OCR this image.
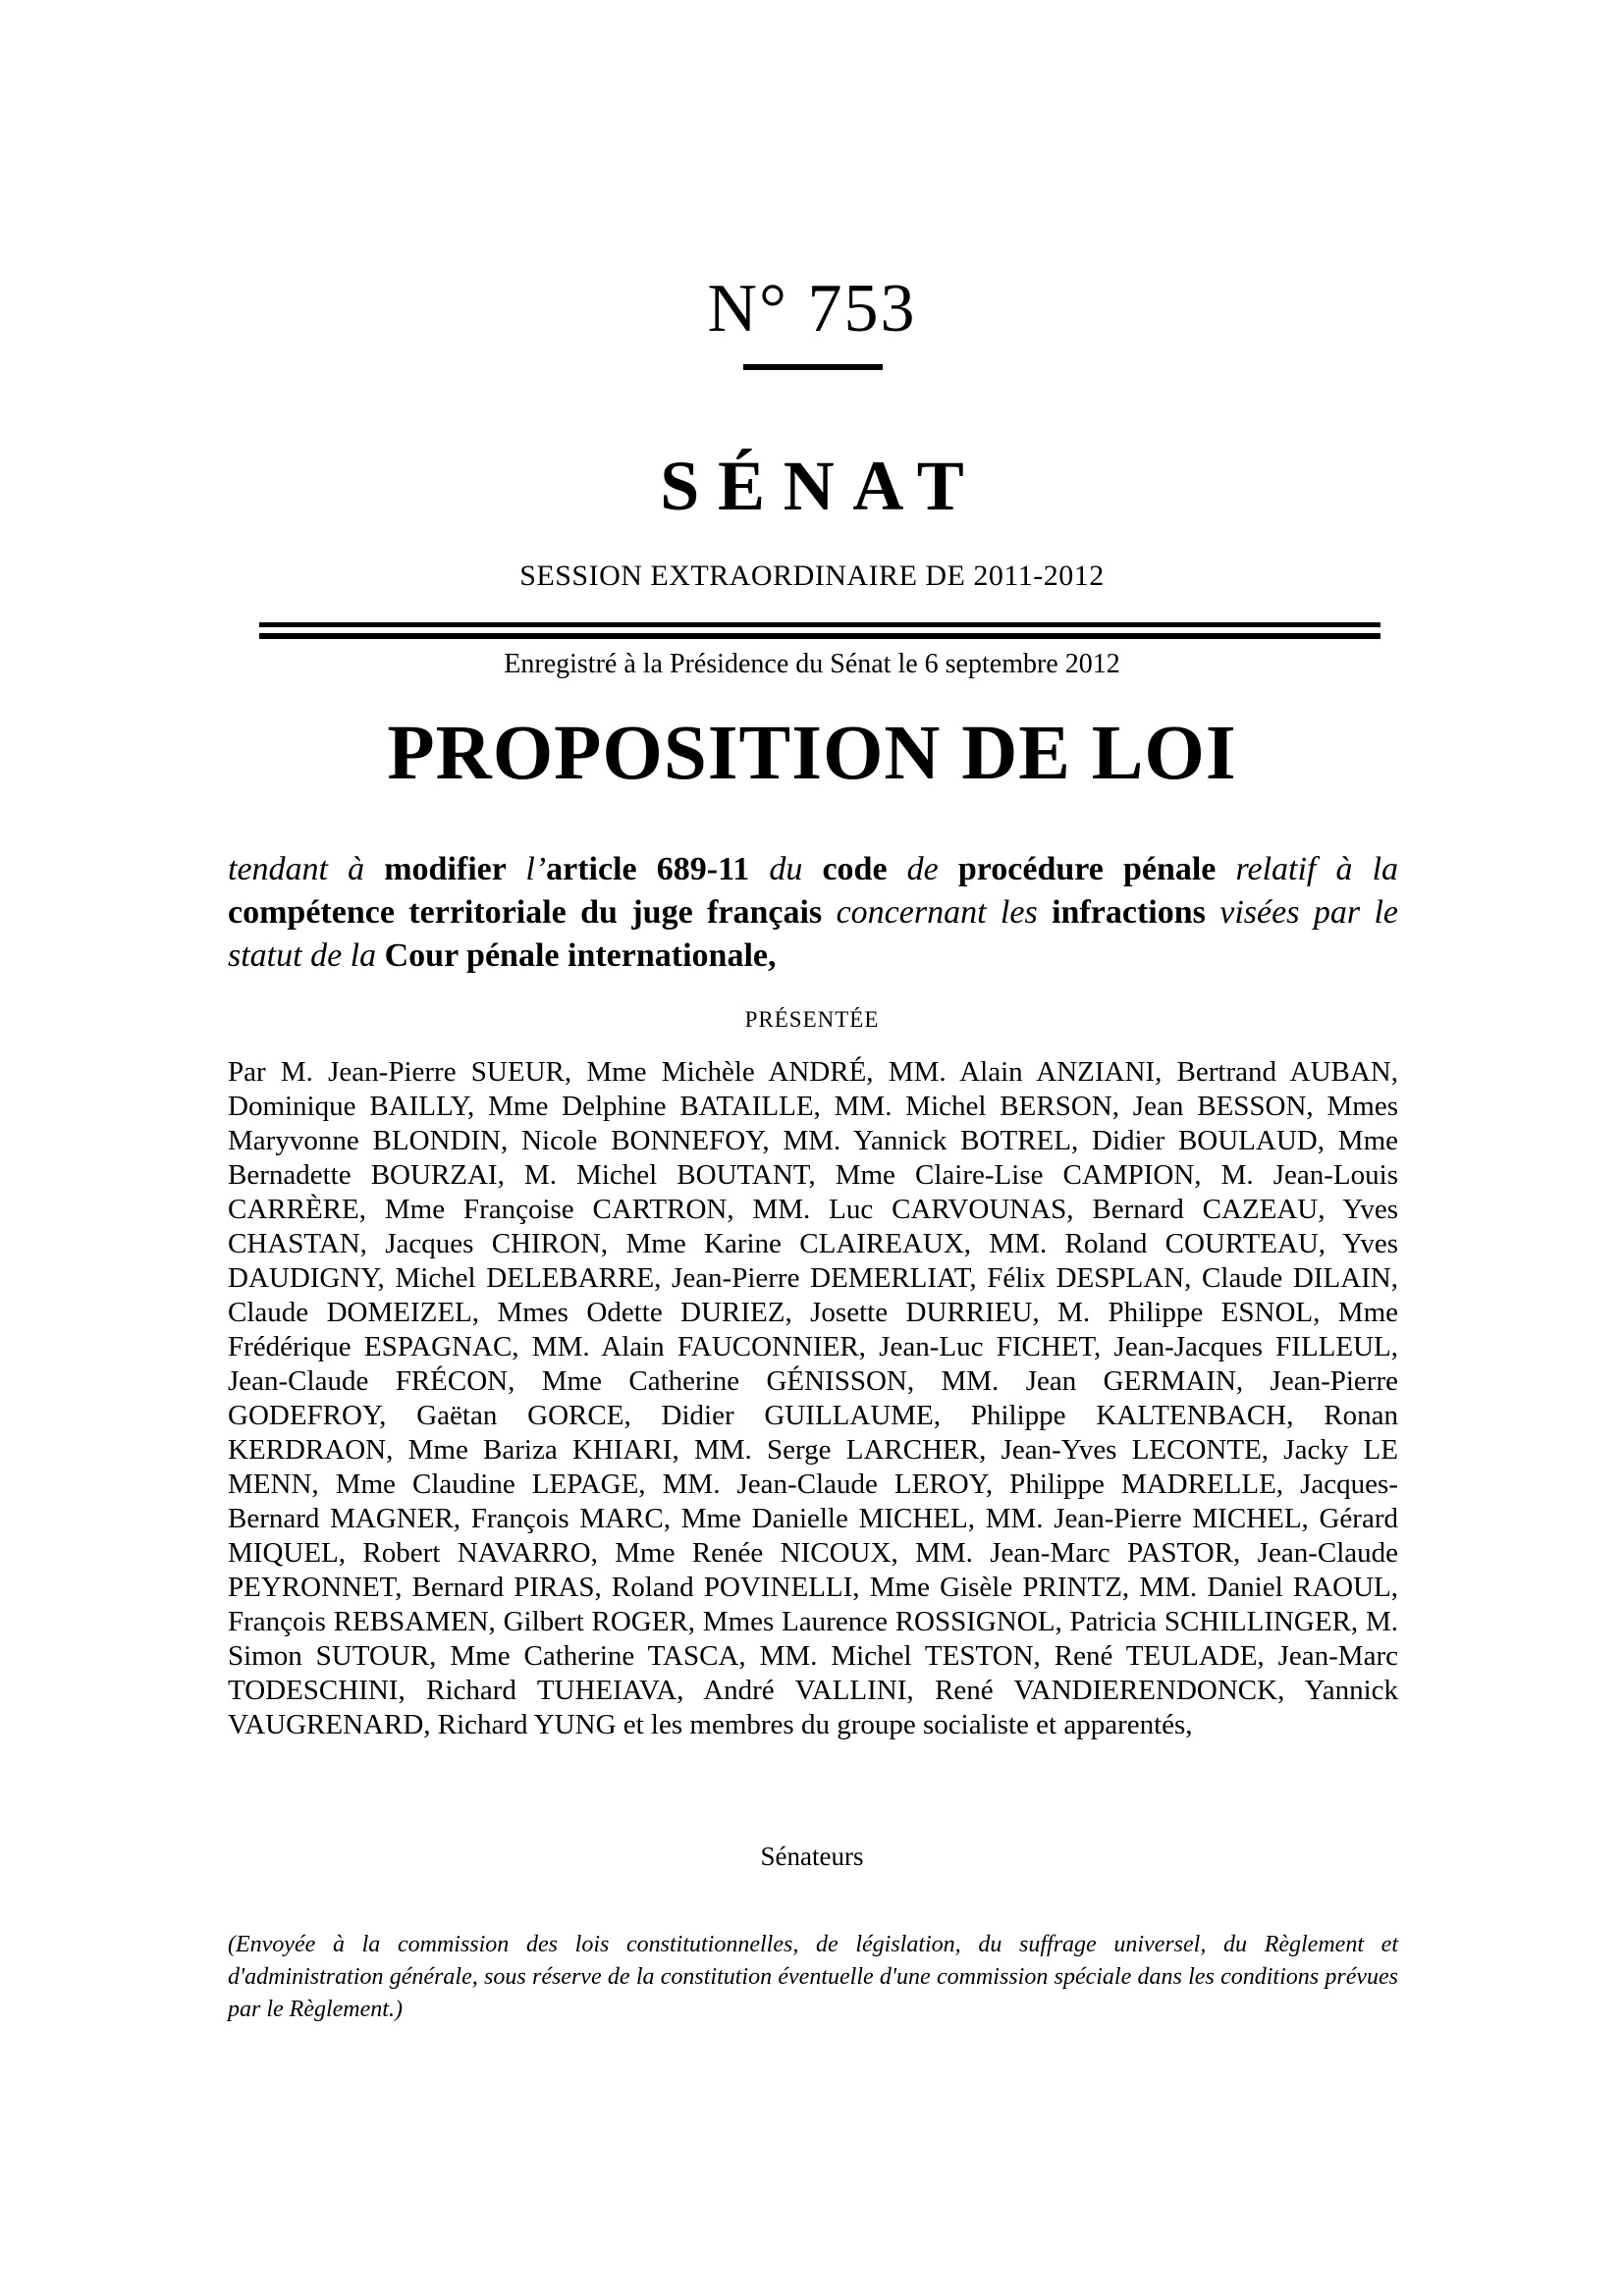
N° 753
SÉNAT
SESSION EXTRAORDINAIRE DE 2011-2012
Enregistré à la Présidence du Sénat le 6 septembre 2012
PROPOSITION DE LOI

tendant à modifier l’article 689-11 du code de procédure pénale relatif à la compétence territoriale du juge français concernant les infractions visées par le statut de la Cour pénale internationale,

PRÉSENTÉE

Par M. Jean-Pierre SUEUR, Mme Michèle ANDRÉ, MM. Alain ANZIANI, Bertrand AUBAN, Dominique BAILLY, Mme Delphine BATAILLE, MM. Michel BERSON, Jean BESSON, Mmes Maryvonne BLONDIN, Nicole BONNEFOY, MM. Yannick BOTREL, Didier BOULAUD, Mme Bernadette BOURZAI, M. Michel BOUTANT, Mme Claire-Lise CAMPION, M. Jean-Louis CARRÈRE, Mme Françoise CARTRON, MM. Luc CARVOUNAS, Bernard CAZEAU, Yves CHASTAN, Jacques CHIRON, Mme Karine CLAIREAUX, MM. Roland COURTEAU, Yves DAUDIGNY, Michel DELEBARRE, Jean-Pierre DEMERLIAT, Félix DESPLAN, Claude DILAIN, Claude DOMEIZEL, Mmes Odette DURIEZ, Josette DURRIEU, M. Philippe ESNOL, Mme Frédérique ESPAGNAC, MM. Alain FAUCONNIER, Jean-Luc FICHET, Jean-Jacques FILLEUL, Jean-Claude FRÉCON, Mme Catherine GÉNISSON, MM. Jean GERMAIN, Jean-Pierre GODEFROY, Gaëtan GORCE, Didier GUILLAUME, Philippe KALTENBACH, Ronan KERDRAON, Mme Bariza KHIARI, MM. Serge LARCHER, Jean-Yves LECONTE, Jacky LE MENN, Mme Claudine LEPAGE, MM. Jean-Claude LEROY, Philippe MADRELLE, Jacques-Bernard MAGNER, François MARC, Mme Danielle MICHEL, MM. Jean-Pierre MICHEL, Gérard MIQUEL, Robert NAVARRO, Mme Renée NICOUX, MM. Jean-Marc PASTOR, Jean-Claude PEYRONNET, Bernard PIRAS, Roland POVINELLI, Mme Gisèle PRINTZ, MM. Daniel RAOUL, François REBSAMEN, Gilbert ROGER, Mmes Laurence ROSSIGNOL, Patricia SCHILLINGER, M. Simon SUTOUR, Mme Catherine TASCA, MM. Michel TESTON, René TEULADE, Jean-Marc TODESCHINI, Richard TUHEIAVA, André VALLINI, René VANDIERENDONCK, Yannick VAUGRENARD, Richard YUNG et les membres du groupe socialiste et apparentés,

Sénateurs

(Envoyée à la commission des lois constitutionnelles, de législation, du suffrage universel, du Règlement et d'administration générale, sous réserve de la constitution éventuelle d'une commission spéciale dans les conditions prévues par le Règlement.)
